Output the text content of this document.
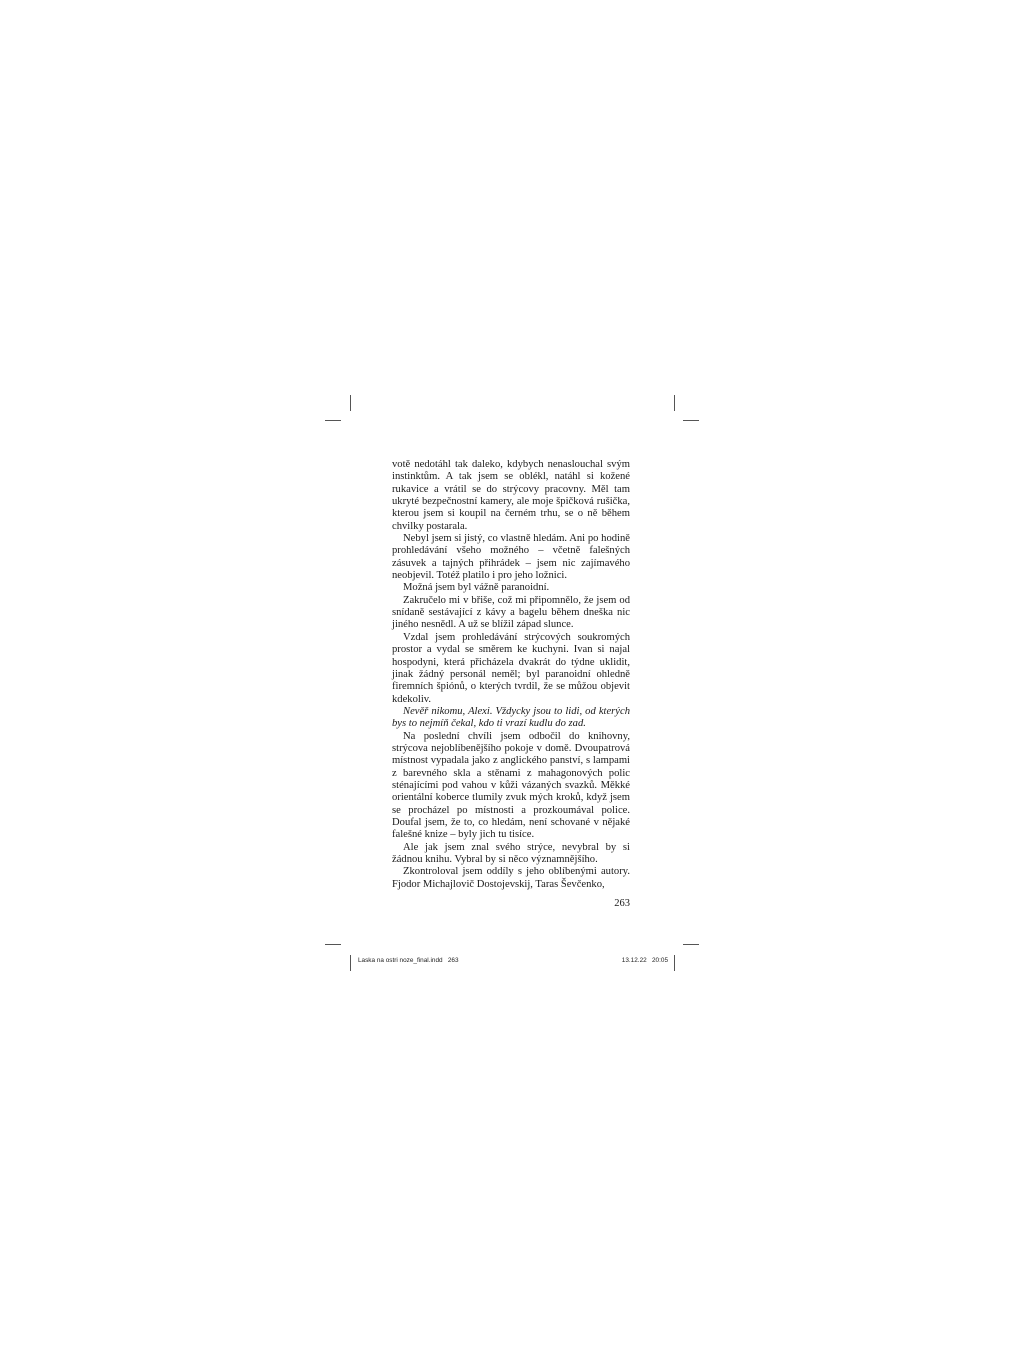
votě nedotáhl tak daleko, kdybych nenaslouchal svým instinktům. A tak jsem se oblékl, natáhl si kožené rukavice a vrátil se do strýcovy pracovny. Měl tam ukryté bezpečnostní kamery, ale moje špičková rušička, kterou jsem si koupil na černém trhu, se o ně během chvilky postarala.

Nebyl jsem si jistý, co vlastně hledám. Ani po hodině prohledávání všeho možného – včetně falešných zásuvek a tajných přihrádek – jsem nic zajímavého neobjevil. Totéž platilo i pro jeho ložnici.

Možná jsem byl vážně paranoidní.

Zakručelo mi v břiše, což mi připomnělo, že jsem od snídaně sestávající z kávy a bagelu během dneška nic jiného nesnědl. A už se blížil západ slunce.

Vzdal jsem prohledávání strýcových soukromých prostor a vydal se směrem ke kuchyni. Ivan si najal hospodyni, která přicházela dvakrát do týdne uklidit, jinak žádný personál neměl; byl paranoidní ohledně firemních špiónů, o kterých tvrdil, že se můžou objevit kdekoliv.

Nevěř nikomu, Alexi. Vždycky jsou to lidi, od kterých bys to nejmíň čekal, kdo ti vrazí kudlu do zad.

Na poslední chvíli jsem odbočil do knihovny, strýcova nejoblíbenějšího pokoje v domě. Dvoupatrová místnost vypadala jako z anglického panství, s lampami z barevného skla a stěnami z mahagonových polic sténajícími pod vahou v kůži vázaných svazků. Měkké orientální koberce tlumily zvuk mých kroků, když jsem se procházel po místnosti a prozkoumával police. Doufal jsem, že to, co hledám, není schované v nějaké falešné knize – byly jich tu tisíce.

Ale jak jsem znal svého strýce, nevybral by si žádnou knihu. Vybral by si něco významnějšího.

Zkontroloval jsem oddíly s jeho oblíbenými autory. Fjodor Michajlovič Dostojevskij, Taras Ševčenko,

263
Laska na ostri noze_final.indd   263	13.12.22   20:05
